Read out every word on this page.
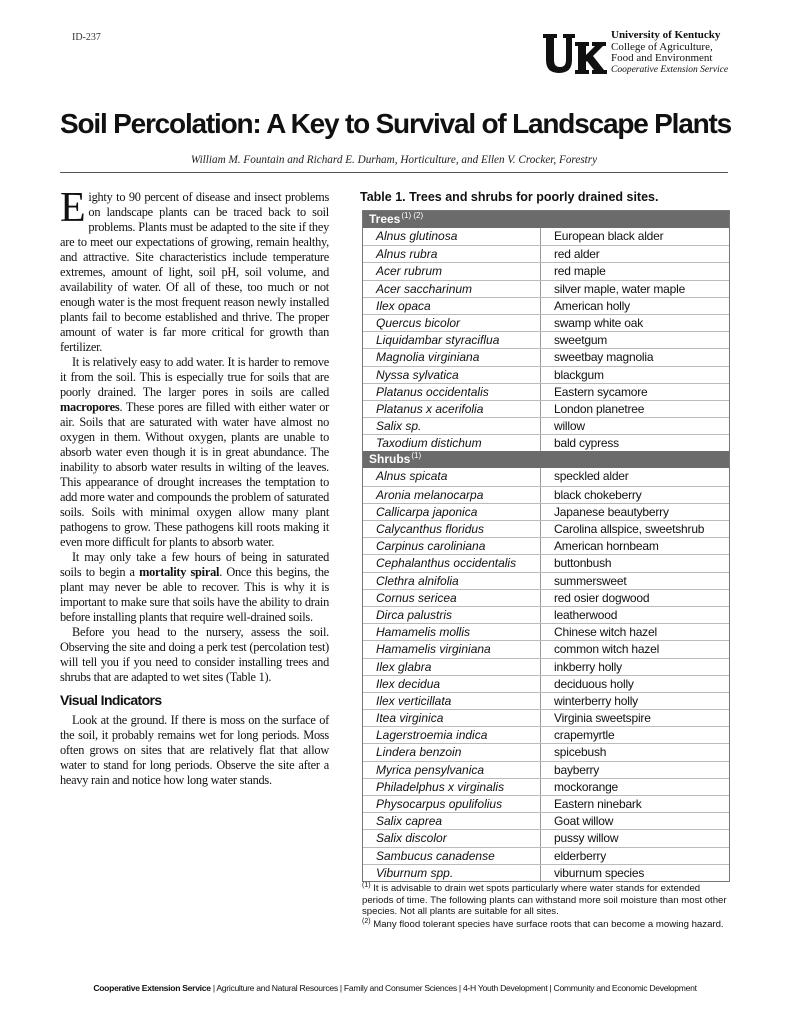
ID-237	University of Kentucky
College of Agriculture,
Food and Environment
Cooperative Extension Service
Soil Percolation: A Key to Survival of Landscape Plants
William M. Fountain and Richard E. Durham, Horticulture, and Ellen V. Crocker, Forestry

Eighty to 90 percent of disease and insect problems on landscape plants can be traced back to soil problems. Plants must be adapted to the site if they are to meet our expectations of growing, remain healthy, and attractive. Site characteristics include temperature extremes, amount of light, soil pH, soil volume, and availability of water. Of all of these, too much or not enough water is the most frequent reason newly installed plants fail to become established and thrive. The proper amount of water is far more critical for growth than fertilizer.

It is relatively easy to add water. It is harder to remove it from the soil. This is especially true for soils that are poorly drained. The larger pores in soils are called macropores. These pores are filled with either water or air. Soils that are saturated with water have almost no oxygen in them. Without oxygen, plants are unable to absorb water even though it is in great abundance. The inability to absorb water results in wilting of the leaves. This appearance of drought increases the temptation to add more water and compounds the problem of saturated soils. Soils with minimal oxygen allow many plant pathogens to grow. These pathogens kill roots making it even more difficult for plants to absorb water.

It may only take a few hours of being in saturated soils to begin a mortality spiral. Once this begins, the plant may never be able to recover. This is why it is important to make sure that soils have the ability to drain before installing plants that require well-drained soils.

Before you head to the nursery, assess the soil. Observing the site and doing a perk test (percolation test) will tell you if you need to consider installing trees and shrubs that are adapted to wet sites (Table 1).

Visual Indicators

Look at the ground. If there is moss on the surface of the soil, it probably remains wet for long periods. Moss often grows on sites that are relatively flat that allow water to stand for long periods. Observe the site after a heavy rain and notice how long water stands.

Table 1. Trees and shrubs for poorly drained sites.
Trees$^{(1) (2)}$
Alnus glutinosa	European black alder
Alnus rubra	red alder
Acer rubrum	red maple
Acer saccharinum	silver maple, water maple
Ilex opaca	American holly
Quercus bicolor	swamp white oak
Liquidambar styraciflua	sweetgum
Magnolia virginiana	sweetbay magnolia
Nyssa sylvatica	blackgum
Platanus occidentalis	Eastern sycamore
Platanus x acerifolia	London planetree
Salix sp.	willow
Taxodium distichum	bald cypress
Shrubs$^{(1)}$
Alnus spicata	speckled alder
Aronia melanocarpa	black chokeberry
Callicarpa japonica	Japanese beautyberry
Calycanthus floridus	Carolina allspice, sweetshrub
Carpinus caroliniana	American hornbeam
Cephalanthus occidentalis	buttonbush
Clethra alnifolia	summersweet
Cornus sericea	red osier dogwood
Dirca palustris	leatherwood
Hamamelis mollis	Chinese witch hazel
Hamamelis virginiana	common witch hazel
Ilex glabra	inkberry holly
Ilex decidua	deciduous holly
Ilex verticillata	winterberry holly
Itea virginica	Virginia sweetspire
Lagerstroemia indica	crapemyrtle
Lindera benzoin	spicebush
Myrica pensylvanica	bayberry
Philadelphus x virginalis	mockorange
Physocarpus opulifolius	Eastern ninebark
Salix caprea	Goat willow
Salix discolor	pussy willow
Sambucus canadense	elderberry
Viburnum spp.	viburnum species

$^{(1)}$ It is advisable to drain wet spots particularly where water stands for extended periods of time. The following plants can withstand more soil moisture than most other species. Not all plants are suitable for all sites.

$^{(2)}$ Many flood tolerant species have surface roots that can become a mowing hazard.

Cooperative Extension Service | Agriculture and Natural Resources | Family and Consumer Sciences | 4-H Youth Development | Community and Economic Development
